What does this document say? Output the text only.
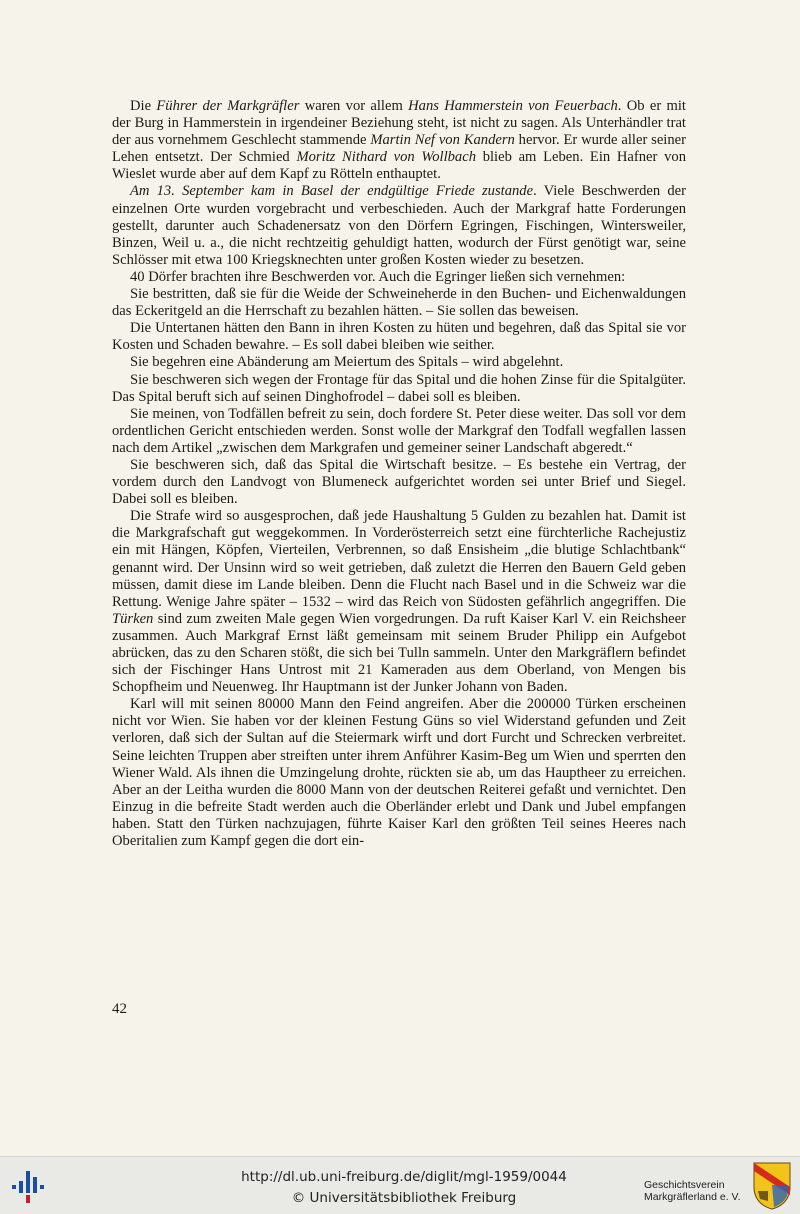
Die Führer der Markgräfler waren vor allem Hans Hammerstein von Feuerbach. Ob er mit der Burg in Hammerstein in irgendeiner Beziehung steht, ist nicht zu sagen. Als Unterhändler trat der aus vornehmem Geschlecht stammende Martin Nef von Kandern hervor. Er wurde aller seiner Lehen entsetzt. Der Schmied Moritz Nithard von Wollbach blieb am Leben. Ein Hafner von Wieslet wurde aber auf dem Kapf zu Rötteln enthauptet.

Am 13. September kam in Basel der endgültige Friede zustande. Viele Beschwerden der einzelnen Orte wurden vorgebracht und verbeschieden. Auch der Markgraf hatte Forderungen gestellt, darunter auch Schadenersatz von den Dörfern Egringen, Fischingen, Wintersweiler, Binzen, Weil u. a., die nicht rechtzeitig gehuldigt hatten, wodurch der Fürst genötigt war, seine Schlösser mit etwa 100 Kriegsknechten unter großen Kosten wieder zu besetzen.

40 Dörfer brachten ihre Beschwerden vor. Auch die Egringer ließen sich vernehmen:

Sie bestritten, daß sie für die Weide der Schweineherde in den Buchen- und Eichenwaldungen das Eckeritgeld an die Herrschaft zu bezahlen hätten. – Sie sollen das beweisen.

Die Untertanen hätten den Bann in ihren Kosten zu hüten und begehren, daß das Spital sie vor Kosten und Schaden bewahre. – Es soll dabei bleiben wie seither.

Sie begehren eine Abänderung am Meiertum des Spitals – wird abgelehnt.

Sie beschweren sich wegen der Frontage für das Spital und die hohen Zinse für die Spitalgüter. Das Spital beruft sich auf seinen Dinghofrodel – dabei soll es bleiben.

Sie meinen, von Todfällen befreit zu sein, doch fordere St. Peter diese weiter. Das soll vor dem ordentlichen Gericht entschieden werden. Sonst wolle der Markgraf den Todfall wegfallen lassen nach dem Artikel „zwischen dem Markgrafen und gemeiner seiner Landschaft abgeredt.“

Sie beschweren sich, daß das Spital die Wirtschaft besitze. – Es bestehe ein Vertrag, der vordem durch den Landvogt von Blumeneck aufgerichtet worden sei unter Brief und Siegel. Dabei soll es bleiben.

Die Strafe wird so ausgesprochen, daß jede Haushaltung 5 Gulden zu bezahlen hat. Damit ist die Markgrafschaft gut weggekommen. In Vorderösterreich setzt eine fürchterliche Rachejustiz ein mit Hängen, Köpfen, Vierteilen, Verbrennen, so daß Ensisheim „die blutige Schlachtbank“ genannt wird. Der Unsinn wird so weit getrieben, daß zuletzt die Herren den Bauern Geld geben müssen, damit diese im Lande bleiben. Denn die Flucht nach Basel und in die Schweiz war die Rettung. Wenige Jahre später – 1532 – wird das Reich von Südosten gefährlich angegriffen. Die Türken sind zum zweiten Male gegen Wien vorgedrungen. Da ruft Kaiser Karl V. ein Reichsheer zusammen. Auch Markgraf Ernst läßt gemeinsam mit seinem Bruder Philipp ein Aufgebot abrücken, das zu den Scharen stößt, die sich bei Tulln sammeln. Unter den Markgräflern befindet sich der Fischinger Hans Untrost mit 21 Kameraden aus dem Oberland, von Mengen bis Schopfheim und Neuenweg. Ihr Hauptmann ist der Junker Johann von Baden.

Karl will mit seinen 80000 Mann den Feind angreifen. Aber die 200000 Türken erscheinen nicht vor Wien. Sie haben vor der kleinen Festung Güns so viel Widerstand gefunden und Zeit verloren, daß sich der Sultan auf die Steiermark wirft und dort Furcht und Schrecken verbreitet. Seine leichten Truppen aber streiften unter ihrem Anführer Kasim-Beg um Wien und sperrten den Wiener Wald. Als ihnen die Umzingelung drohte, rückten sie ab, um das Hauptheer zu erreichen. Aber an der Leitha wurden die 8000 Mann von der deutschen Reiterei gefaßt und vernichtet. Den Einzug in die befreite Stadt werden auch die Oberländer erlebt und Dank und Jubel empfangen haben. Statt den Türken nachzujagen, führte Kaiser Karl den größten Teil seines Heeres nach Oberitalien zum Kampf gegen die dort ein-

42
http://dl.ub.uni-freiburg.de/diglit/mgl-1959/0044
© Universitätsbibliothek Freiburg
Geschichtsverein
Markgräflerland e. V.
